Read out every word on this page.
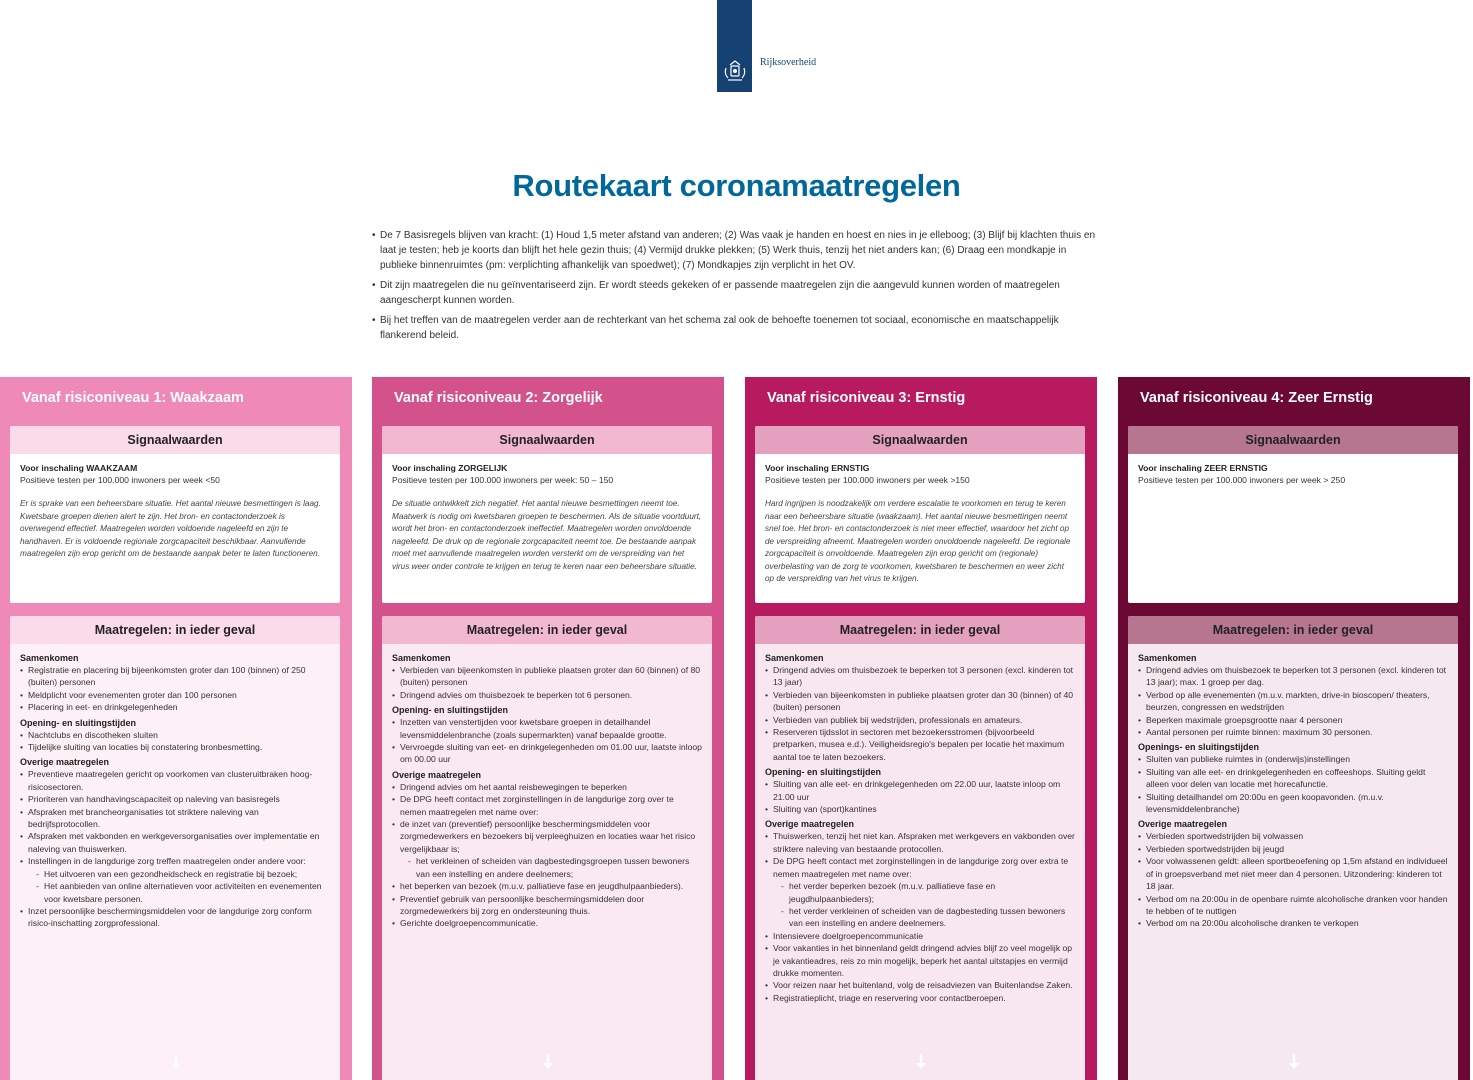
Rijksoverheid
Routekaart coronamaatregelen
• De 7 Basisregels blijven van kracht: (1) Houd 1,5 meter afstand van anderen; (2) Was vaak je handen en hoest en nies in je elleboog; (3) Blijf bij klachten thuis en laat je testen; heb je koorts dan blijft het hele gezin thuis; (4) Vermijd drukke plekken; (5) Werk thuis, tenzij het niet anders kan; (6) Draag een mondkapje in publieke binnenruimtes (pm: verplichting afhankelijk van spoedwet); (7) Mondkapjes zijn verplicht in het OV.
• Dit zijn maatregelen die nu geïnventariseerd zijn. Er wordt steeds gekeken of er passende maatregelen zijn die aangevuld kunnen worden of maatregelen aangescherpt kunnen worden.
• Bij het treffen van de maatregelen verder aan de rechterkant van het schema zal ook de behoefte toenemen tot sociaal, economische en maatschappelijk flankerend beleid.
Vanaf risiconiveau 1: Waakzaam
Signaalwaarden
Voor inschaling WAAKZAAM
Positieve testen per 100.000 inwoners per week <50
Er is sprake van een beheersbare situatie. Het aantal nieuwe besmettingen is laag. Kwetsbare groepen dienen alert te zijn. Het bron- en contactonderzoek is overwegend effectief. Maatregelen worden voldoende nageleefd en zijn te handhaven. Er is voldoende regionale zorgcapaciteit beschikbaar. Aanvullende maatregelen zijn erop gericht om de bestaande aanpak beter te laten functioneren.
Maatregelen: in ieder geval
Samenkomen
• Registratie en placering bij bijeenkomsten groter dan 100 (binnen) of 250 (buiten) personen
• Meldplicht voor evenementen groter dan 100 personen
• Placering in eet- en drinkgelegenheden
Opening- en sluitingstijden
• Nachtclubs en discotheken sluiten
• Tijdelijke sluiting van locaties bij constatering bronbesmetting.
Overige maatregelen
• Preventieve maatregelen gericht op voorkomen van clusteruitbraken hoog-risicosectoren.
• Prioriteren van handhavingscapaciteit op naleving van basisregels
• Afspraken met brancheorganisaties tot striktere naleving van bedrijfsprotocollen.
• Afspraken met vakbonden en werkgeversorganisaties over implementatie en naleving van thuiswerken.
• Instellingen in de langdurige zorg treffen maatregelen onder andere voor:
- Het uitvoeren van een gezondheidscheck en registratie bij bezoek;
- Het aanbieden van online alternatieven voor activiteiten en evenementen voor kwetsbare personen.
• Inzet persoonlijke beschermingsmiddelen voor de langdurige zorg conform risico-inschatting zorgprofessional.
Vanaf risiconiveau 2: Zorgelijk
Signaalwaarden
Voor inschaling ZORGELIJK
Positieve testen per 100.000 inwoners per week: 50 – 150
De situatie ontwikkelt zich negatief. Het aantal nieuwe besmettingen neemt toe. Maatwerk is nodig om kwetsbaren groepen te beschermen. Als de situatie voortduurt, wordt het bron- en contactonderzoek ineffectief. Maatregelen worden onvoldoende nageleefd. De druk op de regionale zorgcapaciteit neemt toe. De bestaande aanpak moet met aanvullende maatregelen worden versterkt om de verspreiding van het virus weer onder controle te krijgen en terug te keren naar een beheersbare situatie.
Maatregelen: in ieder geval
Samenkomen
• Verbieden van bijeenkomsten in publieke plaatsen groter dan 60 (binnen) of 80 (buiten) personen
• Dringend advies om thuisbezoek te beperken tot 6 personen.
Opening- en sluitingstijden
• Inzetten van venstertijden voor kwetsbare groepen in detailhandel levensmiddelenbranche (zoals supermarkten) vanaf bepaalde grootte.
• Vervroegde sluiting van eet- en drinkgelegenheden om 01.00 uur, laatste inloop om 00.00 uur
Overige maatregelen
• Dringend advies om het aantal reisbewegingen te beperken
• De DPG heeft contact met zorginstellingen in de langdurige zorg over te nemen maatregelen met name over:
• de inzet van (preventief) persoonlijke beschermingsmiddelen voor zorgmedewerkers en bezoekers bij verpleeghuizen en locaties waar het risico vergelijkbaar is;
- het verkleinen of scheiden van dagbestedingsgroepen tussen bewoners van een instelling en andere deelnemers;
• het beperken van bezoek (m.u.v. palliatieve fase en jeugdhulpaanbieders).
• Preventief gebruik van persoonlijke beschermingsmiddelen door zorgmedewerkers bij zorg en ondersteuning thuis.
• Gerichte doelgroepencommunicatie.
Vanaf risiconiveau 3: Ernstig
Signaalwaarden
Voor inschaling ERNSTIG
Positieve testen per 100.000 inwoners per week >150
Hard ingrijpen is noodzakelijk om verdere escalatie te voorkomen en terug te keren naar een beheersbare situatie (waakzaam). Het aantal nieuwe besmettingen neemt snel toe. Het bron- en contactonderzoek is niet meer effectief, waardoor het zicht op de verspreiding afneemt. Maatregelen worden onvoldoende nageleefd. De regionale zorgcapaciteit is onvoldoende. Maatregelen zijn erop gericht om (regionale) overbelasting van de zorg te voorkomen, kwetsbaren te beschermen en weer zicht op de verspreiding van het virus te krijgen.
Maatregelen: in ieder geval
Samenkomen
• Dringend advies om thuisbezoek te beperken tot 3 personen (excl. kinderen tot 13 jaar)
• Verbieden van bijeenkomsten in publieke plaatsen groter dan 30 (binnen) of 40 (buiten) personen
• Verbieden van publiek bij wedstrijden, professionals en amateurs.
• Reserveren tijdsslot in sectoren met bezoekersstromen (bijvoorbeeld pretparken, musea e.d.). Veiligheidsregio's bepalen per locatie het maximum aantal toe te laten bezoekers.
Opening- en sluitingstijden
• Sluiting van alle eet- en drinkgelegenheden om 22.00 uur, laatste inloop om 21.00 uur
• Sluiting van (sport)kantines
Overige maatregelen
• Thuiswerken, tenzij het niet kan. Afspraken met werkgevers en vakbonden over striktere naleving van bestaande protocollen.
• De DPG heeft contact met zorginstellingen in de langdurige zorg over extra te nemen maatregelen met name over:
- het verder beperken bezoek (m.u.v. palliatieve fase en jeugdhulpaanbieders);
- het verder verkleinen of scheiden van de dagbesteding tussen bewoners van een instelling en andere deelnemers.
• Intensievere doelgroepencommunicatie
• Voor vakanties in het binnenland geldt dringend advies blijf zo veel mogelijk op je vakantieadres, reis zo min mogelijk, beperk het aantal uitstapjes en vermijd drukke momenten.
• Voor reizen naar het buitenland, volg de reisadviezen van Buitenlandse Zaken.
• Registratieplicht, triage en reservering voor contactberoepen.
Vanaf risiconiveau 4: Zeer Ernstig
Signaalwaarden
Voor inschaling ZEER ERNSTIG
Positieve testen per 100.000 inwoners per week > 250
Maatregelen: in ieder geval
Samenkomen
• Dringend advies om thuisbezoek te beperken tot 3 personen (excl. kinderen tot 13 jaar); max. 1 groep per dag.
• Verbod op alle evenementen (m.u.v. markten, drive-in bioscopen/ theaters, beurzen, congressen en wedstrijden
• Beperken maximale groepsgrootte naar 4 personen
• Aantal personen per ruimte binnen: maximum 30 personen.
Openings- en sluitingstijden
• Sluiten van publieke ruimtes in (onderwijs)instellingen
• Sluiting van alle eet- en drinkgelegenheden en coffeeshops. Sluiting geldt alleen voor delen van locatie met horecafunctie.
• Sluiting detailhandel om 20:00u en geen koopavonden. (m.u.v. levensmiddelenbranche)
Overige maatregelen
• Verbieden sportwedstrijden bij volwassen
• Verbieden sportwedstrijden bij jeugd
• Voor volwassenen geldt: alleen sportbeoefening op 1,5m afstand en individueel of in groepsverband met niet meer dan 4 personen. Uitzondering: kinderen tot 18 jaar.
• Verbod om na 20:00u in de openbare ruimte alcoholische dranken voor handen te hebben of te nuttigen
• Verbod om na 20:00u alcoholische dranken te verkopen
